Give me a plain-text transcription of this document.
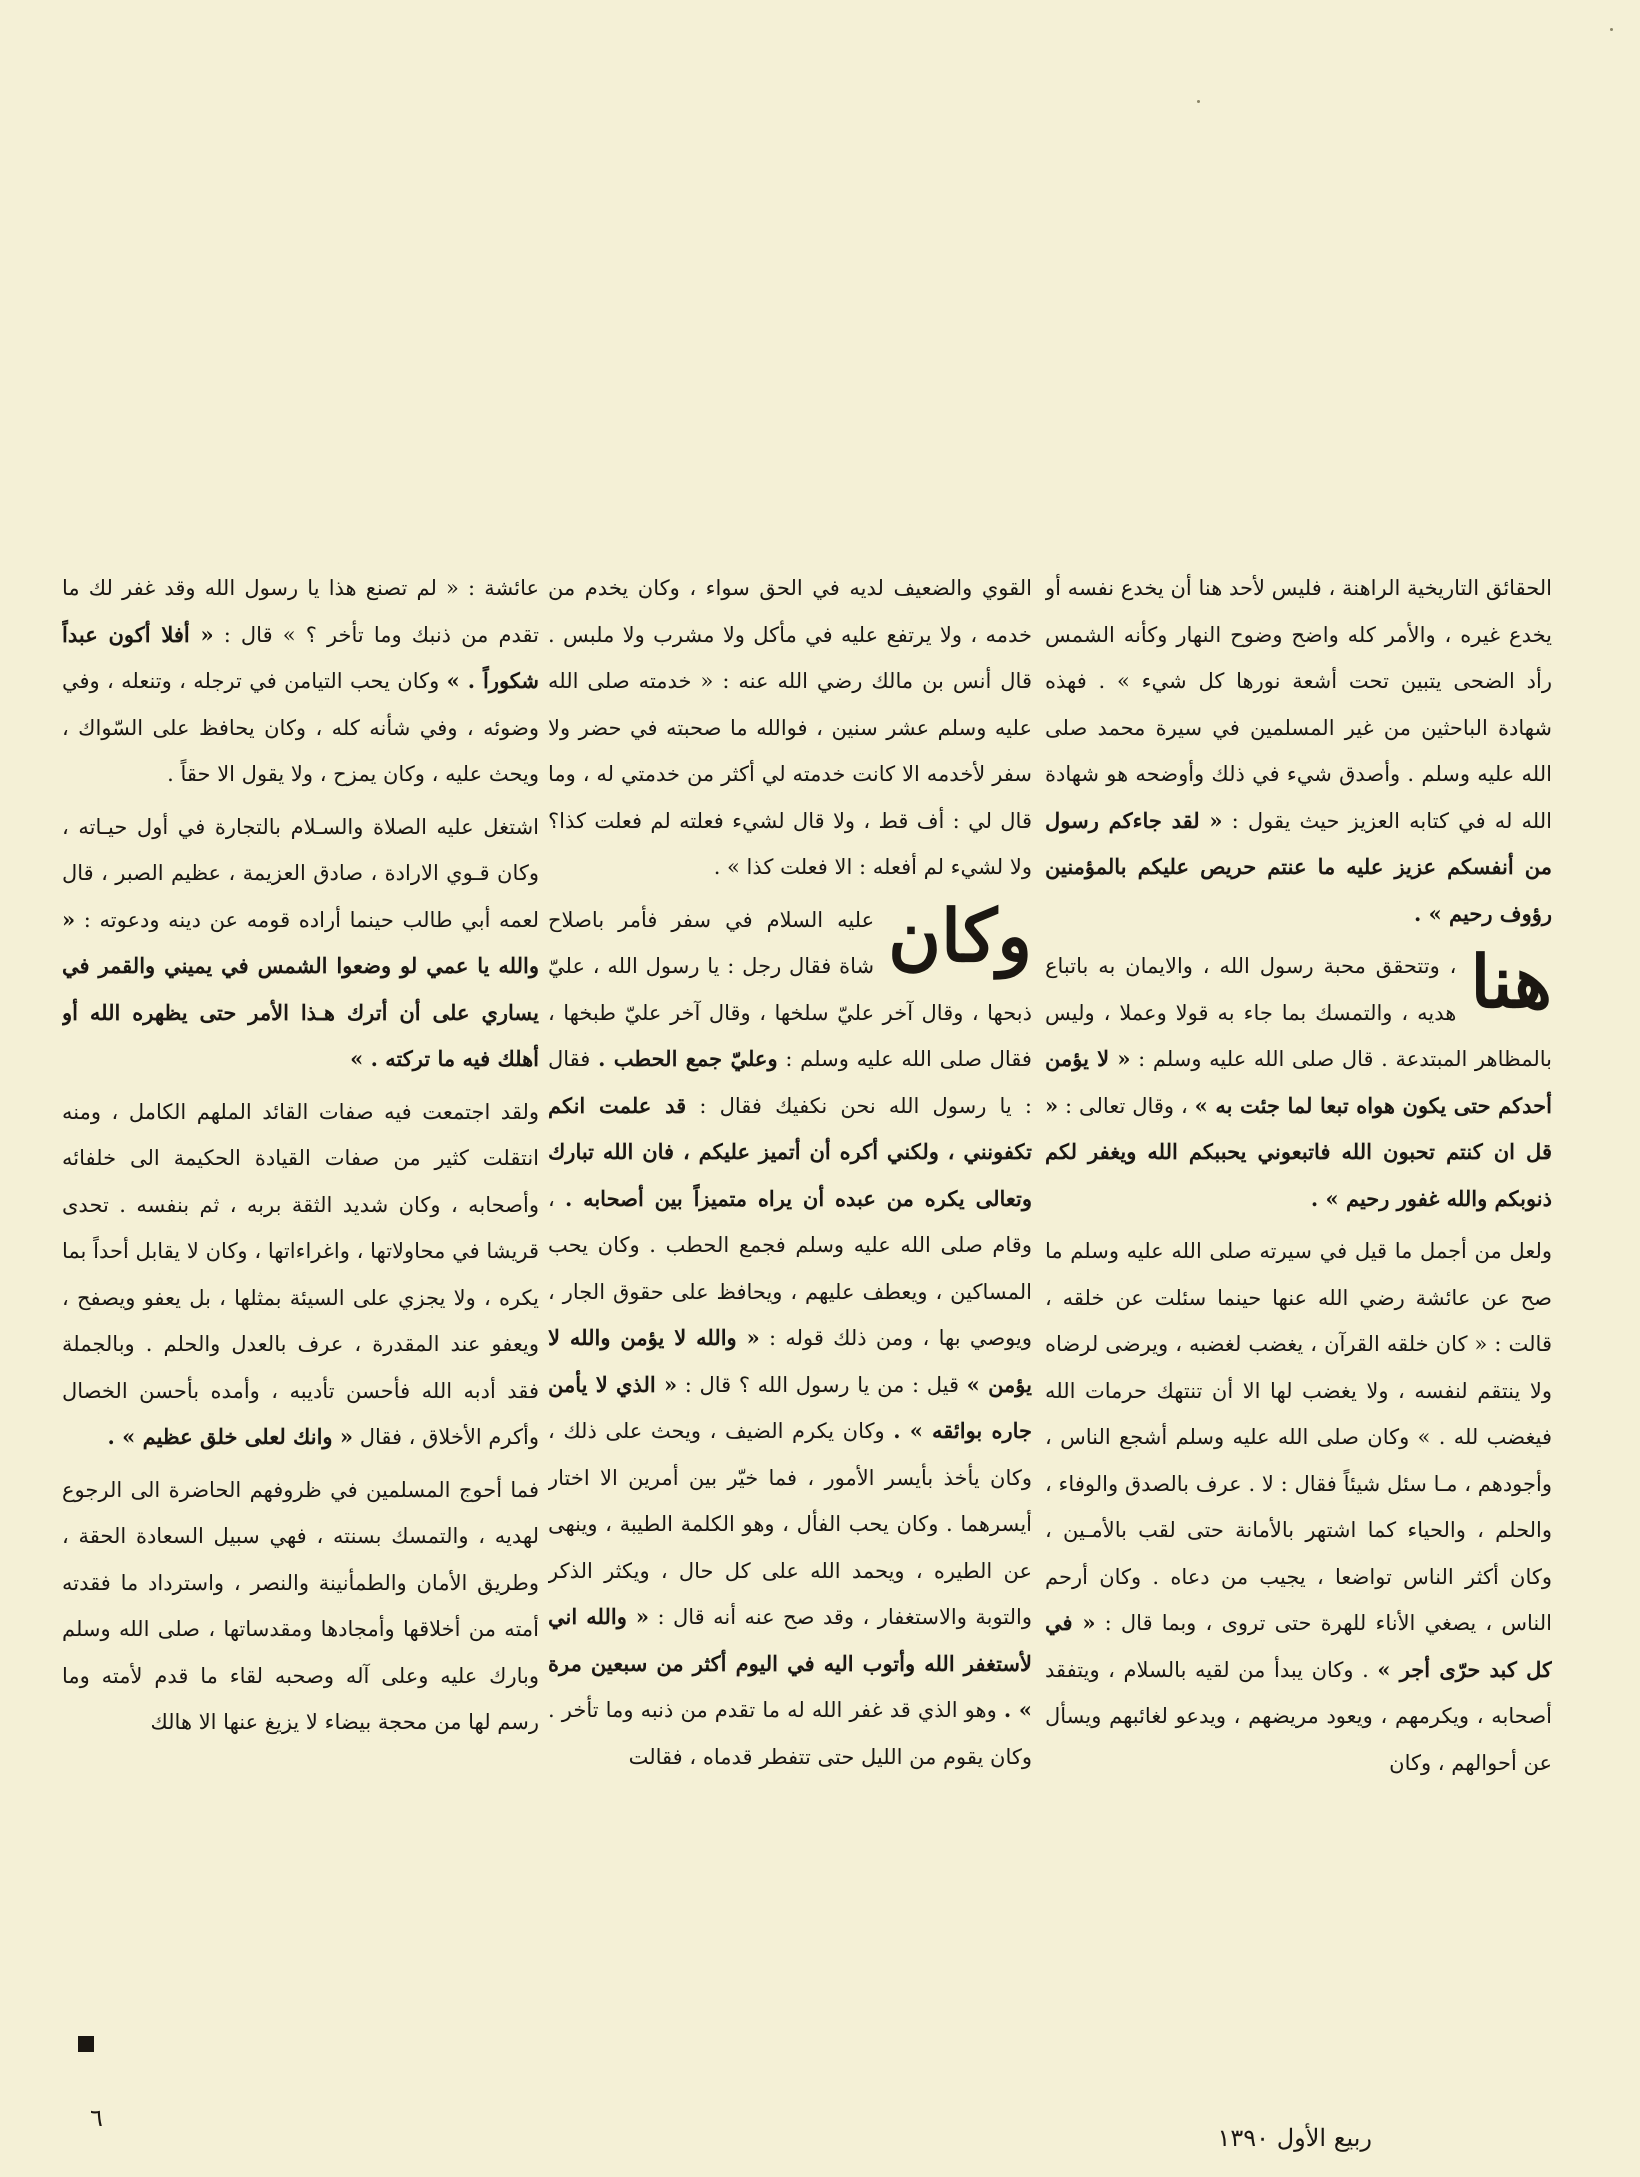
الحقائق التاريخية الراهنة ، فليس لأحد هنا أن يخدع نفسه أو يخدع غيره ، والأمر كله واضح وضوح النهار وكأنه الشمس رأد الضحى يتبين تحت أشعة نورها كل شيء » . فهذه شهادة الباحثين من غير المسلمين في سيرة محمد صلى الله عليه وسلم . وأصدق شيء في ذلك وأوضحه هو شهادة الله له في كتابه العزيز حيث يقول : « لقد جاءكم رسول من أنفسكم عزيز عليه ما عنتم حريص عليكم بالمؤمنين رؤوف رحيم » .

هنا
، وتتحقق محبة رسول الله ، والايمان به باتباع هديه ، والتمسك بما جاء به قولا وعملا ، وليس بالمظاهر المبتدعة . قال صلى الله عليه وسلم : « لا يؤمن أحدكم حتى يكون هواه تبعا لما جئت به » ، وقال تعالى : « قل ان كنتم تحبون الله فاتبعوني يحببكم الله ويغفر لكم ذنوبكم والله غفور رحيم » .

ولعل من أجمل ما قيل في سيرته صلى الله عليه وسلم ما صح عن عائشة رضي الله عنها حينما سئلت عن خلقه ، قالت : « كان خلقه القرآن ، يغضب لغضبه ، ويرضى لرضاه ولا ينتقم لنفسه ، ولا يغضب لها الا أن تنتهك حرمات الله فيغضب لله . » وكان صلى الله عليه وسلم أشجع الناس ، وأجودهم ، مـا سئل شيئاً فقال : لا . عرف بالصدق والوفاء ، والحلم ، والحياء كما اشتهر بالأمانة حتى لقب بالأمـين ، وكان أكثر الناس تواضعا ، يجيب من دعاه . وكان أرحم الناس ، يصغي الأناء للهرة حتى تروى ، وبما قال : « في كل كبد حرّى أجر » . وكان يبدأ من لقيه بالسلام ، ويتفقد أصحابه ، ويكرمهم ، ويعود مريضهم ، ويدعو لغائبهم ويسأل عن أحوالهم ، وكان

القوي والضعيف لديه في الحق سواء ، وكان يخدم من خدمه ، ولا يرتفع عليه في مأكل ولا مشرب ولا ملبس . قال أنس بن مالك رضي الله عنه : « خدمته صلى الله عليه وسلم عشر سنين ، فوالله ما صحبته في حضر ولا سفر لأخدمه الا كانت خدمته لي أكثر من خدمتي له ، وما قال لي : أف قط ، ولا قال لشيء فعلته لم فعلت كذا؟ ولا لشيء لم أفعله : الا فعلت كذا » .

وكان
عليه السلام في سفر فأمر باصلاح شاة فقال رجل : يا رسول الله ، عليّ ذبحها ، وقال آخر عليّ سلخها ، وقال آخر عليّ طبخها ، فقال صلى الله عليه وسلم : وعليّ جمع الحطب . فقال : يا رسول الله نحن نكفيك فقال : قد علمت انكم تكفونني ، ولكني أكره أن أتميز عليكم ، فان الله تبارك وتعالى يكره من عبده أن يراه متميزاً بين أصحابه . ، وقام صلى الله عليه وسلم فجمع الحطب . وكان يحب المساكين ، ويعطف عليهم ، ويحافظ على حقوق الجار ، ويوصي بها ، ومن ذلك قوله : « والله لا يؤمن والله لا يؤمن » قيل : من يا رسول الله ؟ قال : « الذي لا يأمن جاره بوائقه » . وكان يكرم الضيف ، ويحث على ذلك ، وكان يأخذ بأيسر الأمور ، فما خيّر بين أمرين الا اختار أيسرهما . وكان يحب الفأل ، وهو الكلمة الطيبة ، وينهى عن الطيره ، ويحمد الله على كل حال ، ويكثر الذكر والتوبة والاستغفار ، وقد صح عنه أنه قال : « والله اني لأستغفر الله وأتوب اليه في اليوم أكثر من سبعين مرة » . وهو الذي قد غفر الله له ما تقدم من ذنبه وما تأخر . وكان يقوم من الليل حتى تتفطر قدماه ، فقالت

عائشة : « لم تصنع هذا يا رسول الله وقد غفر لك ما تقدم من ذنبك وما تأخر ؟ » قال : « أفلا أكون عبداً شكوراً . » وكان يحب التيامن في ترجله ، وتنعله ، وفي وضوئه ، وفي شأنه كله ، وكان يحافظ على السّواك ، ويحث عليه ، وكان يمزح ، ولا يقول الا حقاً .

اشتغل عليه الصلاة والسـلام بالتجارة في أول حيـاته ، وكان قـوي الارادة ، صادق العزيمة ، عظيم الصبر ، قال لعمه أبي طالب حينما أراده قومه عن دينه ودعوته : « والله يا عمي لو وضعوا الشمس في يميني والقمر في يساري على أن أترك هـذا الأمر حتى يظهره الله أو أهلك فيه ما تركته . »

ولقد اجتمعت فيه صفات القائد الملهم الكامل ، ومنه انتقلت كثير من صفات القيادة الحكيمة الى خلفائه وأصحابه ، وكان شديد الثقة بربه ، ثم بنفسه . تحدى قريشا في محاولاتها ، واغراءاتها ، وكان لا يقابل أحداً بما يكره ، ولا يجزي على السيئة بمثلها ، بل يعفو ويصفح ، ويعفو عند المقدرة ، عرف بالعدل والحلم . وبالجملة فقد أدبه الله فأحسن تأديبه ، وأمده بأحسن الخصال وأكرم الأخلاق ، فقال « وانك لعلى خلق عظيم » .

فما أحوج المسلمين في ظروفهم الحاضرة الى الرجوع لهديه ، والتمسك بسنته ، فهي سبيل السعادة الحقة ، وطريق الأمان والطمأنينة والنصر ، واسترداد ما فقدته أمته من أخلاقها وأمجادها ومقدساتها ، صلى الله وسلم وبارك عليه وعلى آله وصحبه لقاء ما قدم لأمته وما رسم لها من محجة بيضاء لا يزيغ عنها الا هالك

٦
ربيع الأول ١٣٩٠
